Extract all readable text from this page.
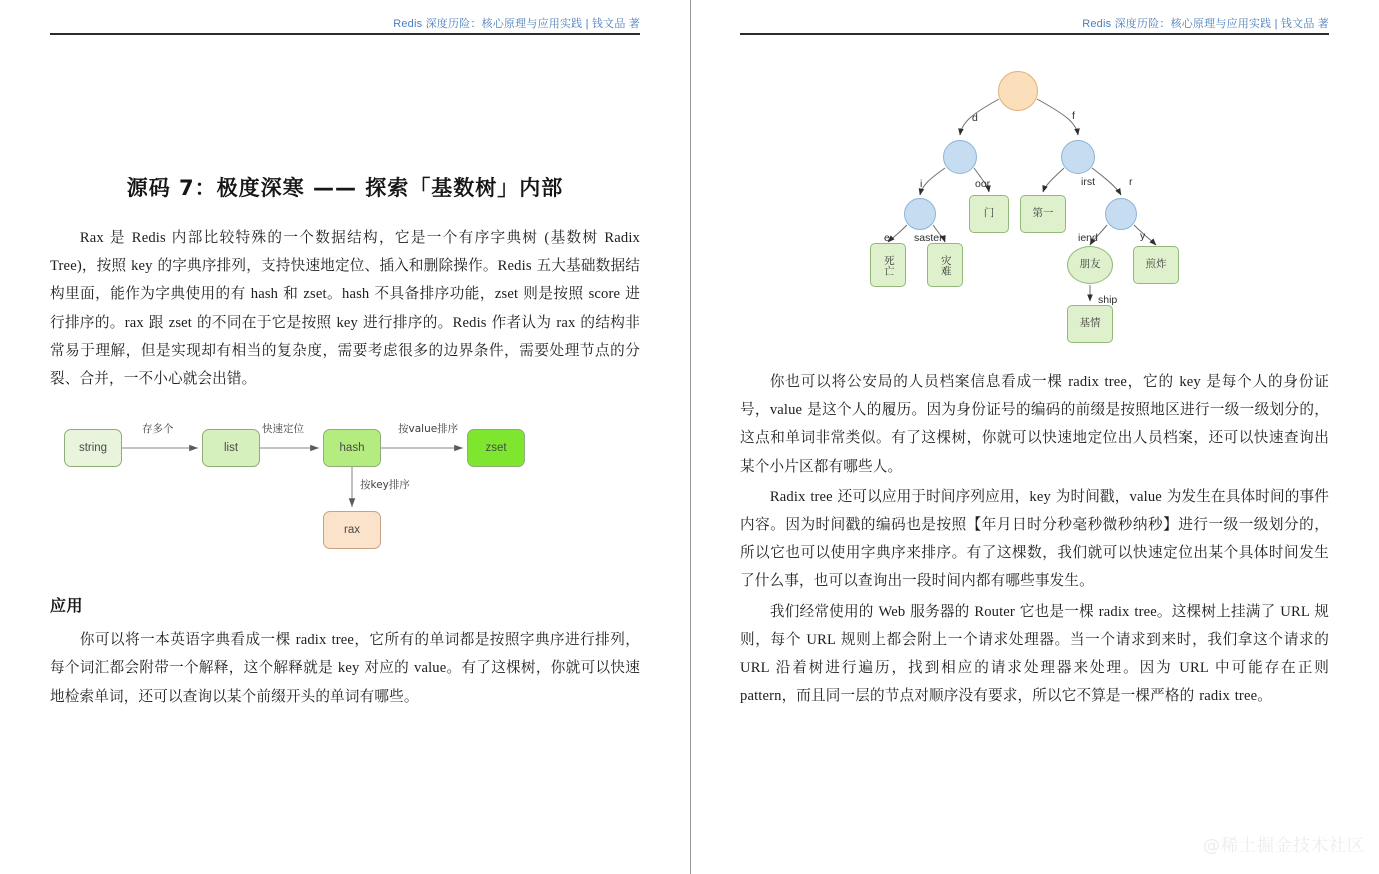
Redis 深度历险：核心原理与应用实践 | 钱文品 著
源码 7：极度深寒 —— 探索「基数树」内部

Rax 是 Redis 内部比较特殊的一个数据结构，它是一个有序字典树 (基数树 Radix Tree)，按照 key 的字典序排列，支持快速地定位、插入和删除操作。Redis 五大基础数据结构里面，能作为字典使用的有 hash 和 zset。hash 不具备排序功能，zset 则是按照 score 进行排序的。rax 跟 zset 的不同在于它是按照 key 进行排序的。Redis 作者认为 rax 的结构非常易于理解，但是实现却有相当的复杂度，需要考虑很多的边界条件，需要处理节点的分裂、合并，一不小心就会出错。

string	list	hash	zset
rax
存多个	快速定位	按value排序
按key排序
应用

你可以将一本英语字典看成一棵 radix tree，它所有的单词都是按照字典序进行排列，每个词汇都会附带一个解释，这个解释就是 key 对应的 value。有了这棵树，你就可以快速地检索单词，还可以查询以某个前缀开头的单词有哪些。

Redis 深度历险：核心原理与应用实践 | 钱文品 著
门	第一
死亡	灾难	朋友	煎炸
基情
d	f
i	oor	irst	r
e saster	iend	y
ship

你也可以将公安局的人员档案信息看成一棵 radix tree，它的 key 是每个人的身份证号，value 是这个人的履历。因为身份证号的编码的前缀是按照地区进行一级一级划分的，这点和单词非常类似。有了这棵树，你就可以快速地定位出人员档案，还可以快速查询出某个小片区都有哪些人。

Radix tree 还可以应用于时间序列应用，key 为时间戳，value 为发生在具体时间的事件内容。因为时间戳的编码也是按照【年月日时分秒毫秒微秒纳秒】进行一级一级划分的，所以它也可以使用字典序来排序。有了这棵数，我们就可以快速定位出某个具体时间发生了什么事，也可以查询出一段时间内都有哪些事发生。

我们经常使用的 Web 服务器的 Router 它也是一棵 radix tree。这棵树上挂满了 URL 规则，每个 URL 规则上都会附上一个请求处理器。当一个请求到来时，我们拿这个请求的 URL 沿着树进行遍历，找到相应的请求处理器来处理。因为 URL 中可能存在正则 pattern，而且同一层的节点对顺序没有要求，所以它不算是一棵严格的 radix tree。

@稀土掘金技术社区
